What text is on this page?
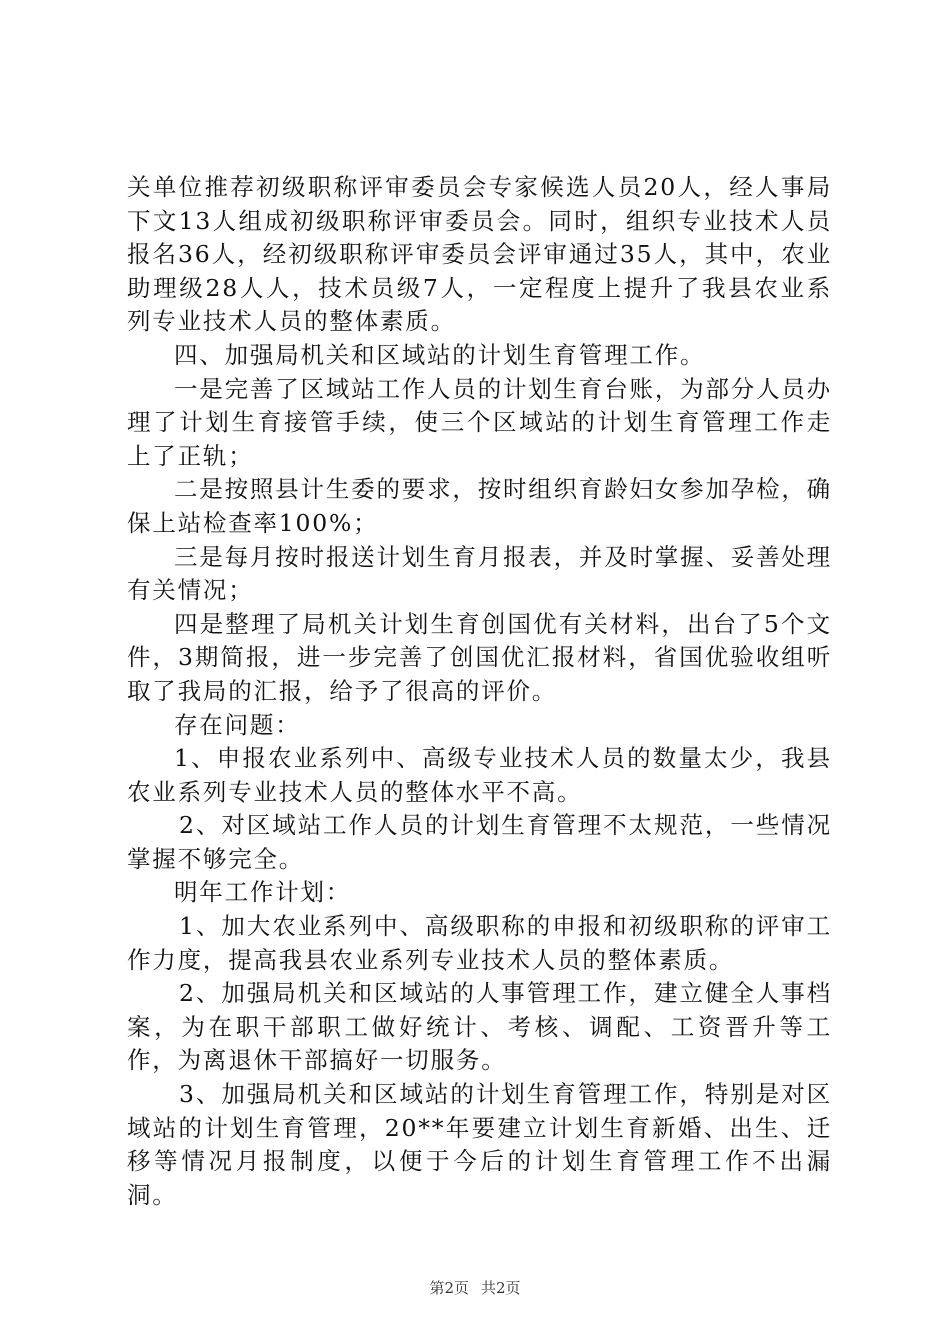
关单位推荐初级职称评审委员会专家候选人员20人，经人事局下文13人组成初级职称评审委员会。同时，组织专业技术人员报名36人，经初级职称评审委员会评审通过35人，其中，农业助理级28人人，技术员级7人，一定程度上提升了我县农业系列专业技术人员的整体素质。

四、加强局机关和区域站的计划生育管理工作。

一是完善了区域站工作人员的计划生育台账，为部分人员办理了计划生育接管手续，使三个区域站的计划生育管理工作走上了正轨；

二是按照县计生委的要求，按时组织育龄妇女参加孕检，确保上站检查率100%；

三是每月按时报送计划生育月报表，并及时掌握、妥善处理有关情况；

四是整理了局机关计划生育创国优有关材料，出台了5个文件，3期简报，进一步完善了创国优汇报材料，省国优验收组听取了我局的汇报，给予了很高的评价。

存在问题：

1、申报农业系列中、高级专业技术人员的数量太少，我县农业系列专业技术人员的整体水平不高。

2、对区域站工作人员的计划生育管理不太规范，一些情况掌握不够完全。

明年工作计划：

1、加大农业系列中、高级职称的申报和初级职称的评审工作力度，提高我县农业系列专业技术人员的整体素质。

2、加强局机关和区域站的人事管理工作，建立健全人事档案，为在职干部职工做好统计、考核、调配、工资晋升等工作，为离退休干部搞好一切服务。

3、加强局机关和区域站的计划生育管理工作，特别是对区域站的计划生育管理，20**年要建立计划生育新婚、出生、迁移等情况月报制度，以便于今后的计划生育管理工作不出漏洞。

第2页 共2页
